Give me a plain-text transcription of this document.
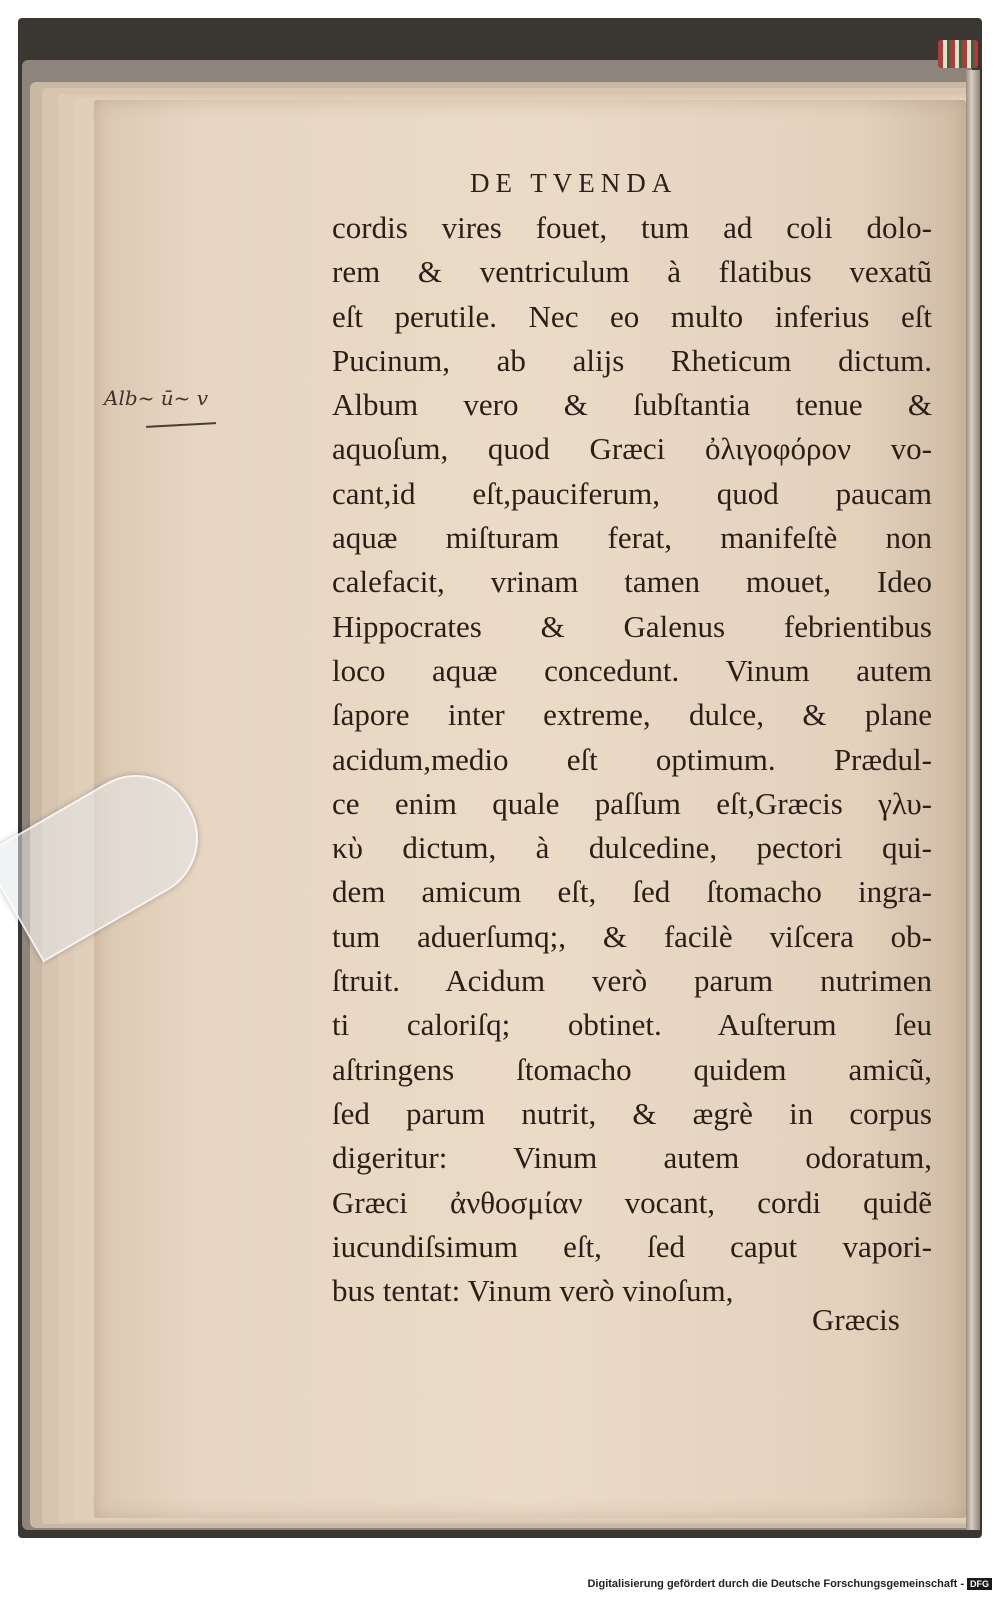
DE TVENDA
Alb~ ū~ v
cordis vires fouet, tum ad coli dolo-
rem & ventriculum à flatibus vexatũ
eſt perutile. Nec eo multo inferius eſt
Pucinum, ab alijs Rheticum dictum.
Album vero & ſubſtantia tenue &
aquoſum, quod Græci ὀλιγοφόρον vo-
cant,id eſt,pauciferum, quod paucam
aquæ miſturam ferat, manifeſtè non
calefacit, vrinam tamen mouet, Ideo
Hippocrates & Galenus febrientibus
loco aquæ concedunt. Vinum autem
ſapore inter extreme, dulce, & plane
acidum,medio eſt optimum. Prædul-
ce enim quale paſſum eſt,Græcis γλυ-
κὺ dictum, à dulcedine, pectori qui-
dem amicum eſt, ſed ſtomacho ingra-
tum aduerſumq;, & facilè viſcera ob-
ſtruit. Acidum verò parum nutrimen
ti caloriſq; obtinet. Auſterum ſeu
aſtringens ſtomacho quidem amicũ,
ſed parum nutrit, & ægrè in corpus
digeritur: Vinum autem odoratum,
Græci ἀνθοσμίαν vocant, cordi quidẽ
iucundiſsimum eſt, ſed caput vapori-
bus tentat: Vinum verò vinoſum,
Græcis
Digitalisierung gefördert durch die Deutsche Forschungsgemeinschaft - DFG
